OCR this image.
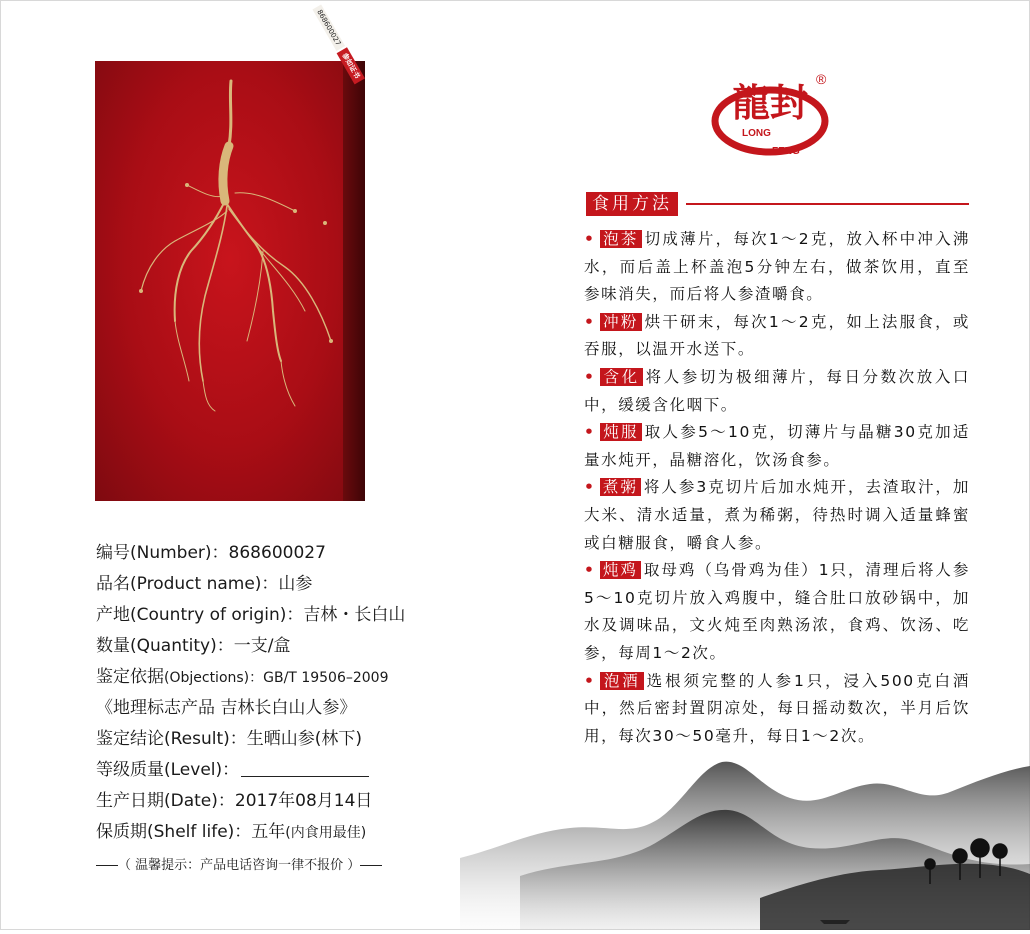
868600027参如证书
龍封
LONG
FENG
®
编号(Number)：868600027
品名(Product name)：山参
产地(Country of origin)：吉林・长白山
数量(Quantity)：一支/盒
鉴定依据(Objections)：GB/T 19506–2009
《地理标志产品 吉林长白山人参》
鉴定结论(Result)：生晒山参(林下)
等级质量(Level)：
生产日期(Date)：2017年08月14日
保质期(Shelf life)：五年(内食用最佳)
（ 温馨提示：产品电话咨询一律不报价 ）
食用方法

• 泡茶 切成薄片，每次1～2克，放入杯中冲入沸水，而后盖上杯盖泡5分钟左右，做茶饮用，直至参味消失，而后将人参渣嚼食。

• 冲粉 烘干研末，每次1～2克，如上法服食，或吞服，以温开水送下。

• 含化 将人参切为极细薄片，每日分数次放入口中，缓缓含化咽下。

• 炖服 取人参5～10克，切薄片与晶糖30克加适量水炖开，晶糖溶化，饮汤食参。

• 煮粥 将人参3克切片后加水炖开，去渣取汁，加大米、清水适量，煮为稀粥，待热时调入适量蜂蜜或白糖服食，嚼食人参。

• 炖鸡 取母鸡（乌骨鸡为佳）1只，清理后将人参5～10克切片放入鸡腹中，缝合肚口放砂锅中，加水及调味品，文火炖至肉熟汤浓，食鸡、饮汤、吃参，每周1～2次。

• 泡酒 选根须完整的人参1只，浸入500克白酒中，然后密封置阴凉处，每日摇动数次，半月后饮用，每次30～50毫升，每日1～2次。
